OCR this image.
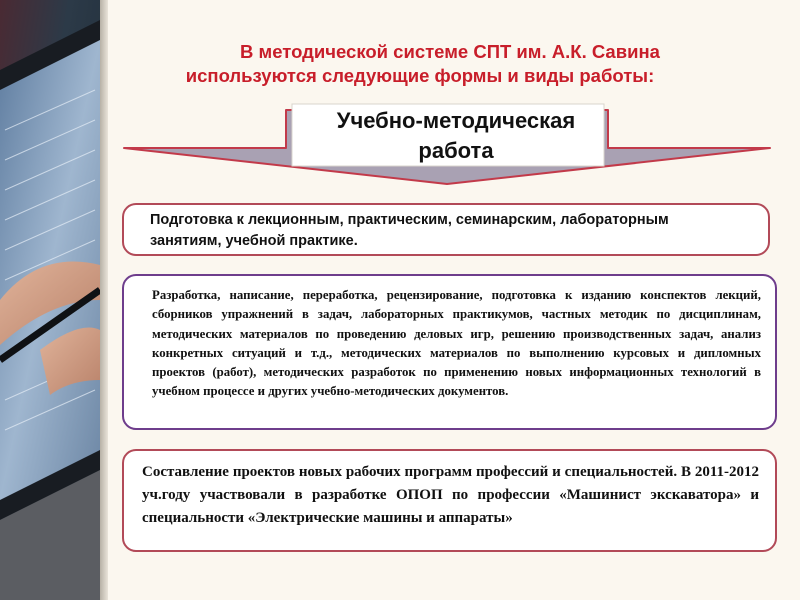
В методической системе СПТ им. А.К. Савина

используются следующие формы и виды работы:
Учебно-методическая
работа
Подготовка к лекционным, практическим, семинарским, лабораторным занятиям, учебной практике.
Разработка, написание, переработка, рецензирование, подготовка к изданию конспектов лекций, сборников упражнений в задач, лабораторных практикумов, частных методик по дисциплинам, методических материалов по проведению деловых игр, решению производственных задач, анализ конкретных ситуаций и т.д., методических материалов по выполнению курсовых и дипломных проектов (работ), методических разработок по применению новых информационных технологий в учебном процессе и других учебно-методических документов.
Составление проектов новых рабочих программ профессий и специальностей. В 2011-2012 уч.году участвовали в разработке ОПОП по профессии «Машинист экскаватора» и специальности «Электрические машины и аппараты»
